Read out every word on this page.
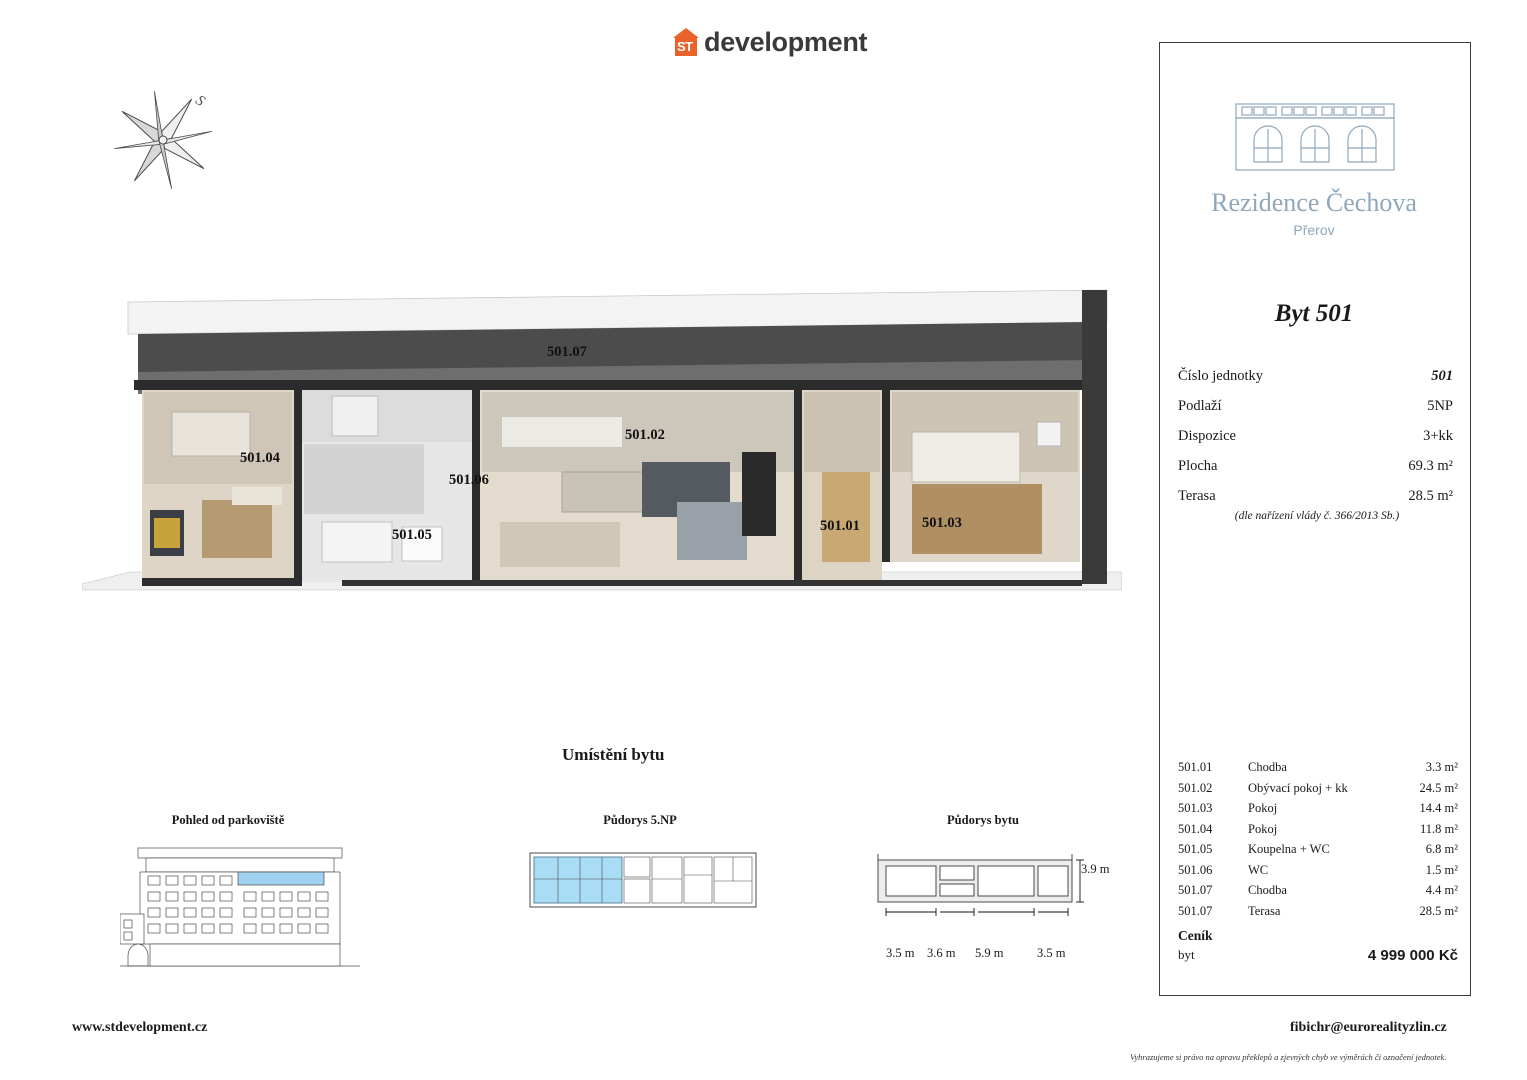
ST development
S
501.07
501.04
501.02
501.06
501.05
501.01	501.03
Umístění bytu
Pohled od parkoviště	Půdorys 5.NP	Půdorys bytu
3.9 m
3.5 m 3.6 m 5.9 m	3.5 m
Rezidence Čechova
Přerov
Byt 501
Číslo jednotky	501
Podlaží	5NP
Dispozice	3+kk
Plocha	69.3 m²
Terasa	28.5 m²
(dle nařízení vlády č. 366/2013 Sb.)
501.01	Chodba	3.3 m²
501.02	Obývací pokoj + kk	24.5 m²
501.03	Pokoj	14.4 m²
501.04	Pokoj	11.8 m²
501.05	Koupelna + WC	6.8 m²
501.06	WC	1.5 m²
501.07	Chodba	4.4 m²
501.07	Terasa	28.5 m²
Ceník
byt	4 999 000 Kč
www.stdevelopment.cz	fibichr@eurorealityzlin.cz
Vyhrazujeme si právo na opravu překlepů a zjevných chyb ve výměrách či označení jednotek.
